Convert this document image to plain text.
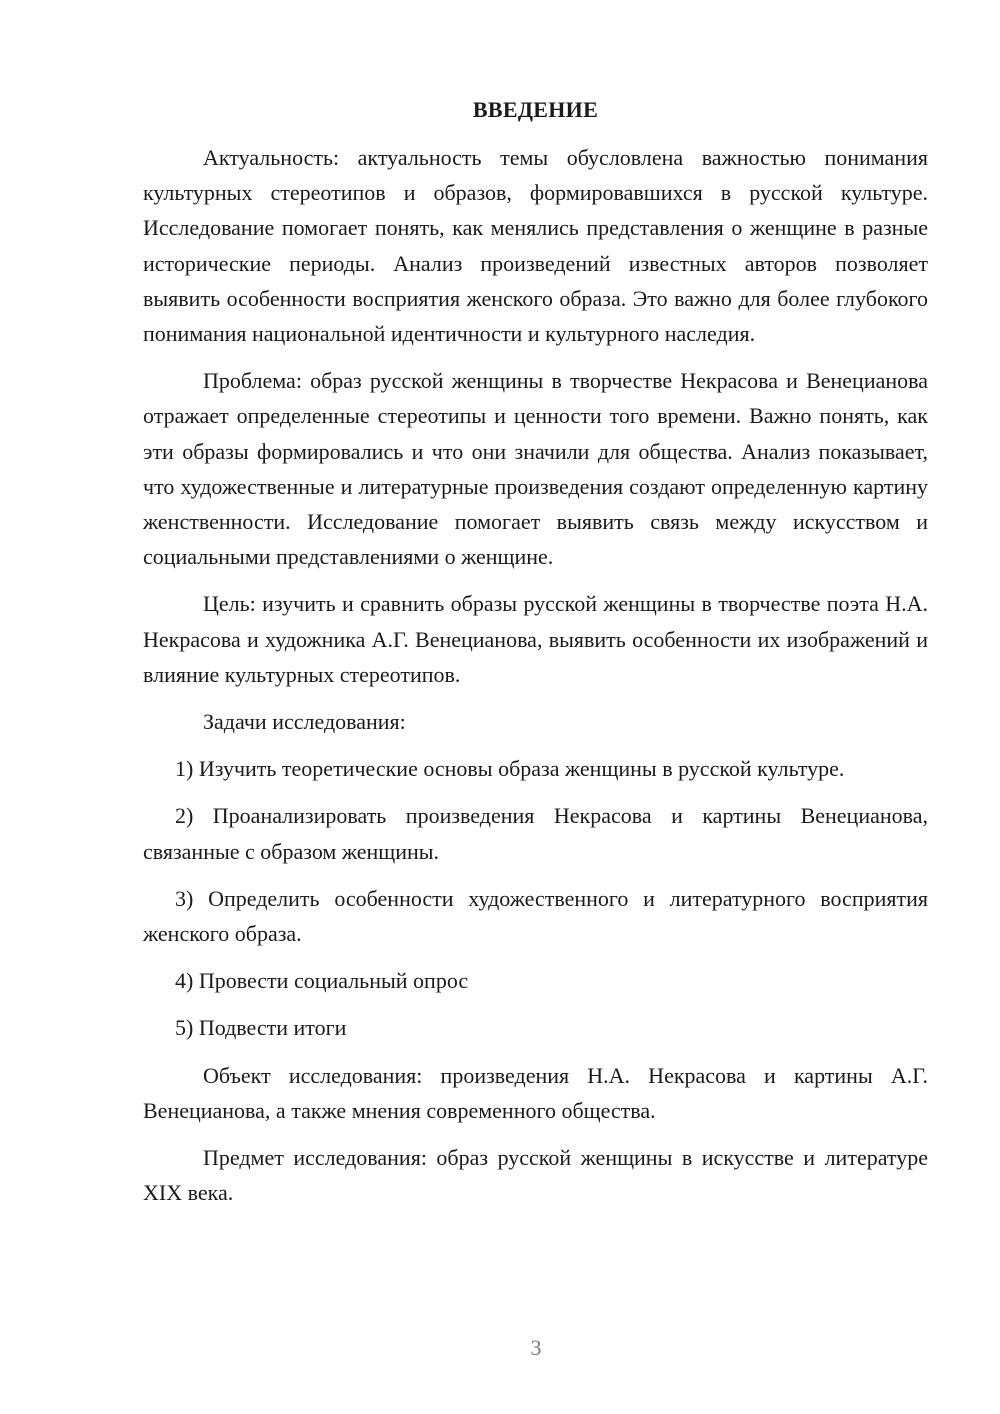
ВВЕДЕНИЕ

Актуальность: актуальность темы обусловлена важностью понимания культурных стереотипов и образов, формировавшихся в русской культуре. Исследование помогает понять, как менялись представления о женщине в разные исторические периоды. Анализ произведений известных авторов позволяет выявить особенности восприятия женского образа. Это важно для более глубокого понимания национальной идентичности и культурного наследия.

Проблема: образ русской женщины в творчестве Некрасова и Венецианова отражает определенные стереотипы и ценности того времени. Важно понять, как эти образы формировались и что они значили для общества. Анализ показывает, что художественные и литературные произведения создают определенную картину женственности. Исследование помогает выявить связь между искусством и социальными представлениями о женщине.

Цель: изучить и сравнить образы русской женщины в творчестве поэта Н.А. Некрасова и художника А.Г. Венецианова, выявить особенности их изображений и влияние культурных стереотипов.

Задачи исследования:

1) Изучить теоретические основы образа женщины в русской культуре.

2) Проанализировать произведения Некрасова и картины Венецианова, связанные с образом женщины.

3) Определить особенности художественного и литературного восприятия женского образа.

4) Провести социальный опрос

5) Подвести итоги

Объект исследования: произведения Н.А. Некрасова и картины А.Г. Венецианова, а также мнения современного общества.

Предмет исследования: образ русской женщины в искусстве и литературе XIX века.

3
